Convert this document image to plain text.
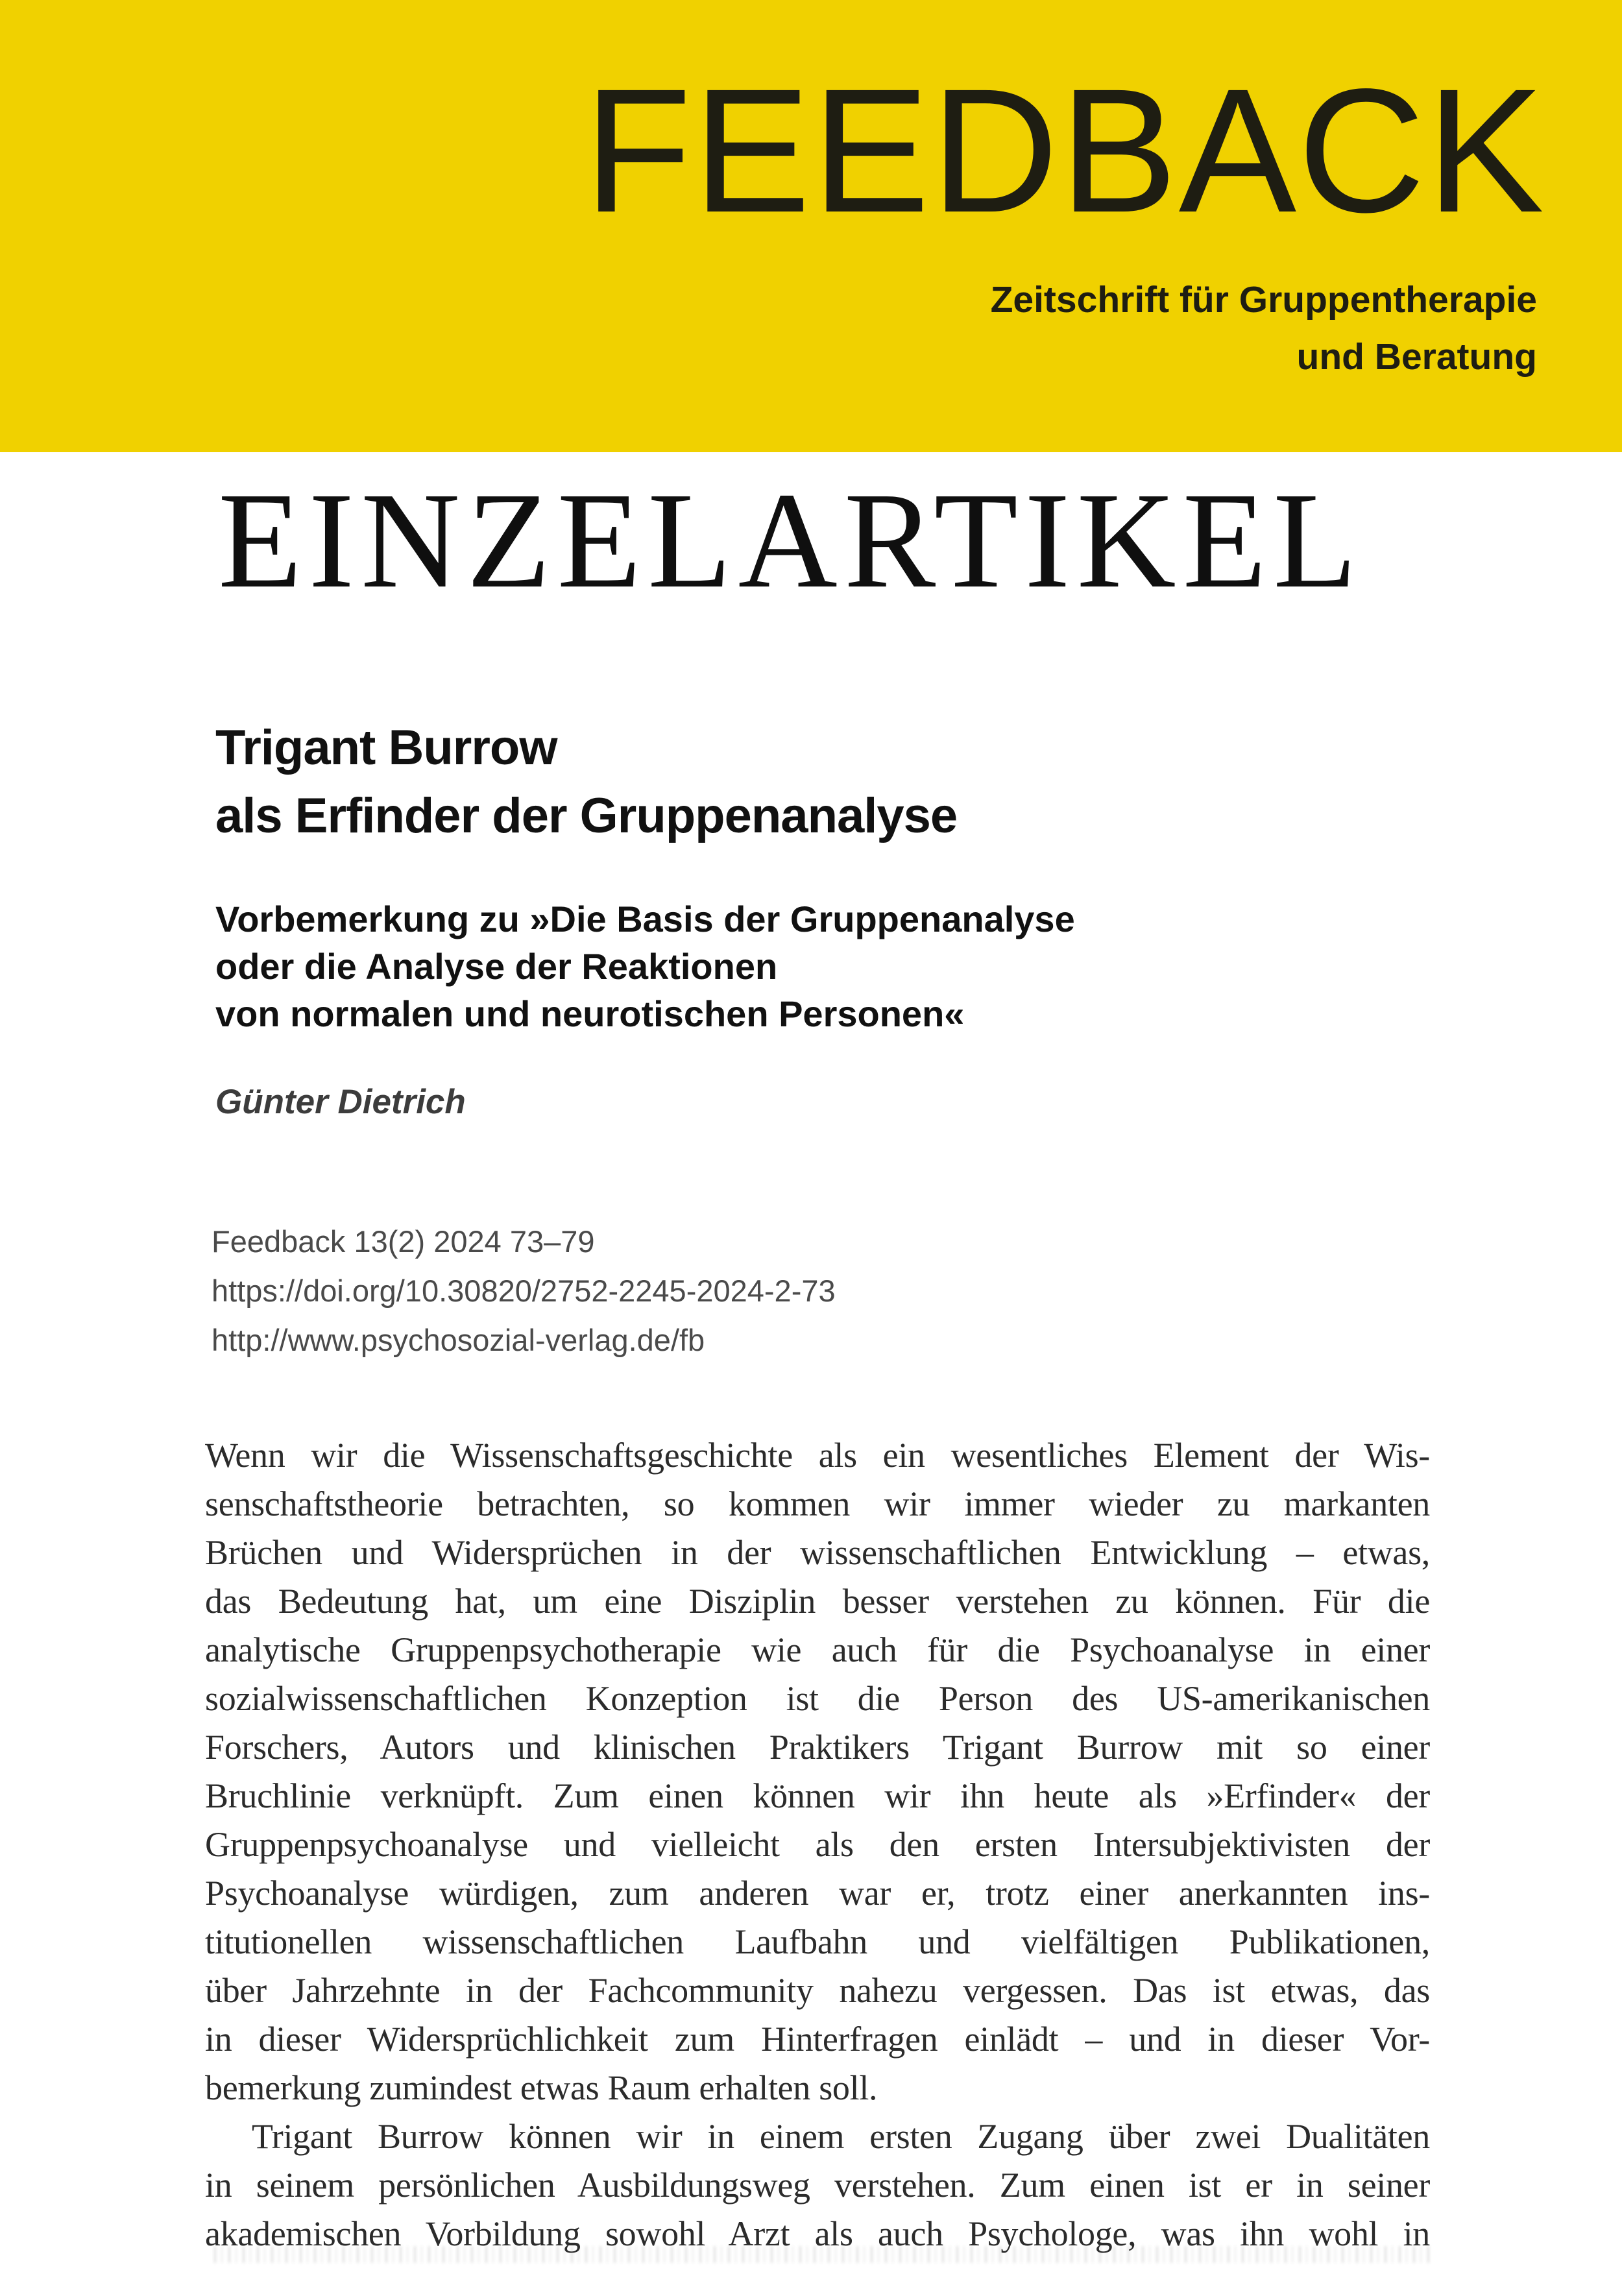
FEEDBACK
Zeitschrift für Gruppentherapie
und Beratung
EINZELARTIKEL
Trigant Burrow
als Erfinder der Gruppenanalyse
Vorbemerkung zu »Die Basis der Gruppenanalyse
oder die Analyse der Reaktionen
von normalen und neurotischen Personen«
Günter Dietrich
Feedback 13(2) 2024 73–79
https://doi.org/10.30820/2752-2245-2024-2-73
http://www.psychosozial-verlag.de/fb
Wenn wir die Wissenschaftsgeschichte als ein wesentliches Element der Wis-
senschaftstheorie betrachten, so kommen wir immer wieder zu markanten
Brüchen und Widersprüchen in der wissenschaftlichen Entwicklung – etwas,
das Bedeutung hat, um eine Disziplin besser verstehen zu können. Für die
analytische Gruppenpsychotherapie wie auch für die Psychoanalyse in einer
sozialwissenschaftlichen Konzeption ist die Person des US-amerikanischen
Forschers, Autors und klinischen Praktikers Trigant Burrow mit so einer
Bruchlinie verknüpft. Zum einen können wir ihn heute als »Erfinder« der
Gruppenpsychoanalyse und vielleicht als den ersten Intersubjektivisten der
Psychoanalyse würdigen, zum anderen war er, trotz einer anerkannten ins-
titutionellen wissenschaftlichen Laufbahn und vielfältigen Publikationen,
über Jahrzehnte in der Fachcommunity nahezu vergessen. Das ist etwas, das
in dieser Widersprüchlichkeit zum Hinterfragen einlädt – und in dieser Vor-
bemerkung zumindest etwas Raum erhalten soll.
Trigant Burrow können wir in einem ersten Zugang über zwei Dualitäten
in seinem persönlichen Ausbildungsweg verstehen. Zum einen ist er in seiner
akademischen Vorbildung sowohl Arzt als auch Psychologe, was ihn wohl in
